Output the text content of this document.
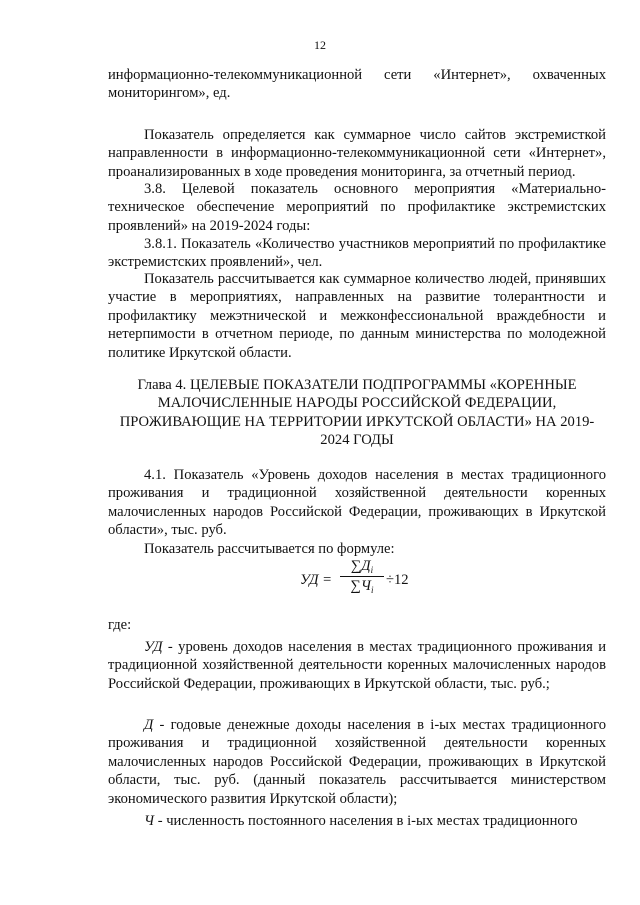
12
информационно-телекоммуникационной сети «Интернет», охваченных мониторингом», ед.
Показатель определяется как суммарное число сайтов экстремисткой направленности в информационно-телекоммуникационной сети «Интернет», проанализированных в ходе проведения мониторинга, за отчетный период.
3.8. Целевой показатель основного мероприятия «Материально-техническое обеспечение мероприятий по профилактике экстремистских проявлений» на 2019-2024 годы:
3.8.1. Показатель «Количество участников мероприятий по профилактике экстремистских проявлений», чел.
Показатель рассчитывается как суммарное количество людей, принявших участие в мероприятиях, направленных на развитие толерантности и профилактику межэтнической и межконфессиональной враждебности и нетерпимости в отчетном периоде, по данным министерства по молодежной политике Иркутской области.
Глава 4. ЦЕЛЕВЫЕ ПОКАЗАТЕЛИ ПОДПРОГРАММЫ «КОРЕННЫЕ МАЛОЧИСЛЕННЫЕ НАРОДЫ РОССИЙСКОЙ ФЕДЕРАЦИИ, ПРОЖИВАЮЩИЕ НА ТЕРРИТОРИИ ИРКУТСКОЙ ОБЛАСТИ» НА 2019-2024 ГОДЫ
4.1. Показатель «Уровень доходов населения в местах традиционного проживания и традиционной хозяйственной деятельности коренных малочисленных народов Российской Федерации, проживающих в Иркутской области», тыс. руб.
Показатель рассчитывается по формуле:
УД =
$\sum Д_i$
$\sum Ч_i$
÷12
где:
УД - уровень доходов населения в местах традиционного проживания и традиционной хозяйственной деятельности коренных малочисленных народов Российской Федерации, проживающих в Иркутской области, тыс. руб.;
Д - годовые денежные доходы населения в i-ых местах традиционного проживания и традиционной хозяйственной деятельности коренных малочисленных народов Российской Федерации, проживающих в Иркутской области, тыс. руб. (данный показатель рассчитывается министерством экономического развития Иркутской области);
Ч - численность постоянного населения в i-ых местах традиционного
